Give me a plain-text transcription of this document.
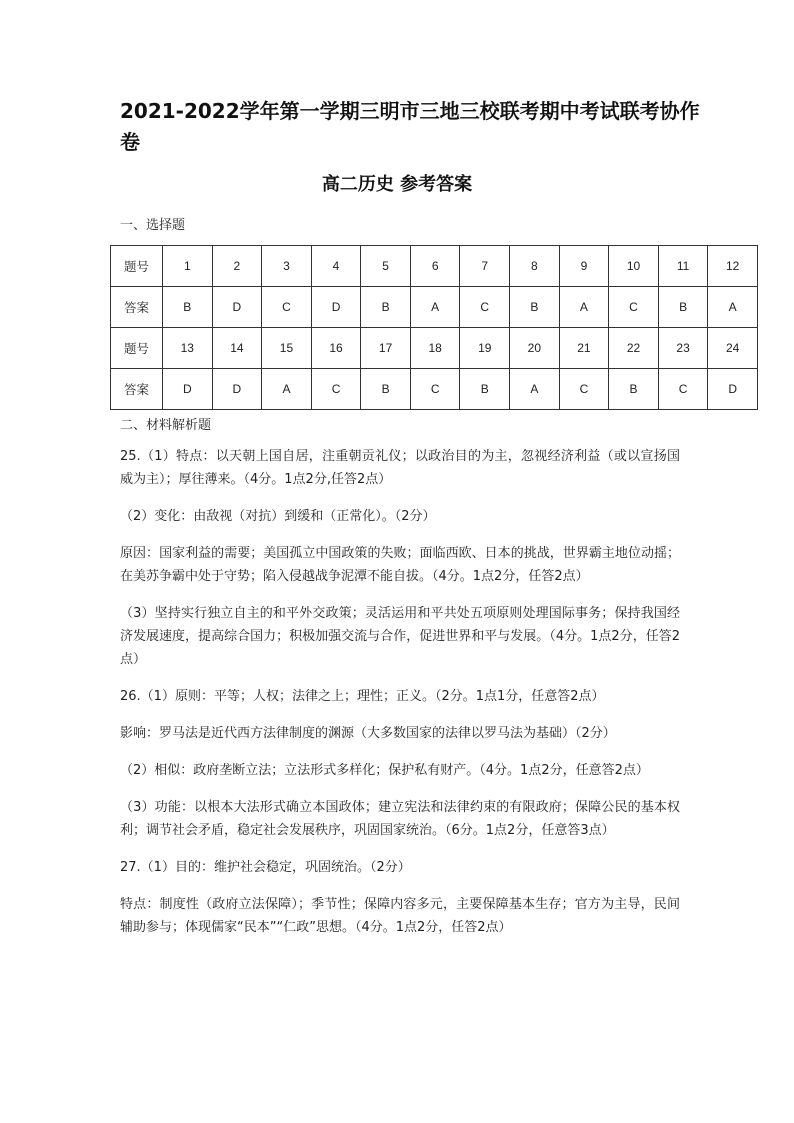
2021-2022学年第一学期三明市三地三校联考期中考试联考协作卷
高二历史 参考答案
一、选择题
题号	1	2	3	4	5	6	7	8	9	10	11	12
答案	B	D	C	D	B	A	C	B	A	C	B	A
题号	13	14	15	16	17	18	19	20	21	22	23	24
答案	D	D	A	C	B	C	B	A	C	B	C	D
二、材料解析题

25.（1）特点：以天朝上国自居，注重朝贡礼仪；以政治目的为主，忽视经济利益（或以宣扬国威为主）；厚往薄来。（4分。1点2分,任答2点）

（2）变化：由敌视（对抗）到缓和（正常化）。（2分）

原因：国家利益的需要；美国孤立中国政策的失败；面临西欧、日本的挑战，世界霸主地位动摇；在美苏争霸中处于守势；陷入侵越战争泥潭不能自拔。（4分。1点2分，任答2点）

（3）坚持实行独立自主的和平外交政策；灵活运用和平共处五项原则处理国际事务；保持我国经济发展速度，提高综合国力；积极加强交流与合作，促进世界和平与发展。（4分。1点2分，任答2点）

26.（1）原则：平等；人权；法律之上；理性；正义。（2分。1点1分，任意答2点）

影响：罗马法是近代西方法律制度的渊源（大多数国家的法律以罗马法为基础）（2分）

（2）相似：政府垄断立法；立法形式多样化；保护私有财产。（4分。1点2分，任意答2点）

（3）功能：以根本大法形式确立本国政体；建立宪法和法律约束的有限政府；保障公民的基本权利；调节社会矛盾，稳定社会发展秩序，巩固国家统治。（6分。1点2分，任意答3点）

27.（1）目的：维护社会稳定，巩固统治。（2分）

特点：制度性（政府立法保障）；季节性；保障内容多元，主要保障基本生存；官方为主导，民间辅助参与；体现儒家“民本”“仁政”思想。（4分。1点2分，任答2点）
